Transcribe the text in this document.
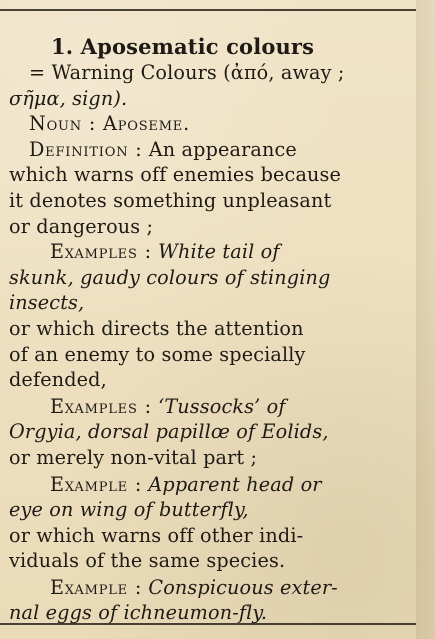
1. Aposematic colours
= Warning Colours (ἀπό, away ;
σῆμα, sign).
Noun : Aposeme.
Definition : An appearance
which warns off enemies because
it denotes something unpleasant
or dangerous ;
Examples : White tail of
skunk, gaudy colours of stinging
insects,
or which directs the attention
of an enemy to some specially
defended,
Examples : ‘Tussocks’ of
Orgyia, dorsal papillœ of Eolids,
or merely non-vital part ;
Example : Apparent head or
eye on wing of butterfly,
or which warns off other indi-
viduals of the same species.
Example : Conspicuous exter-
nal eggs of ichneumon-fly.
